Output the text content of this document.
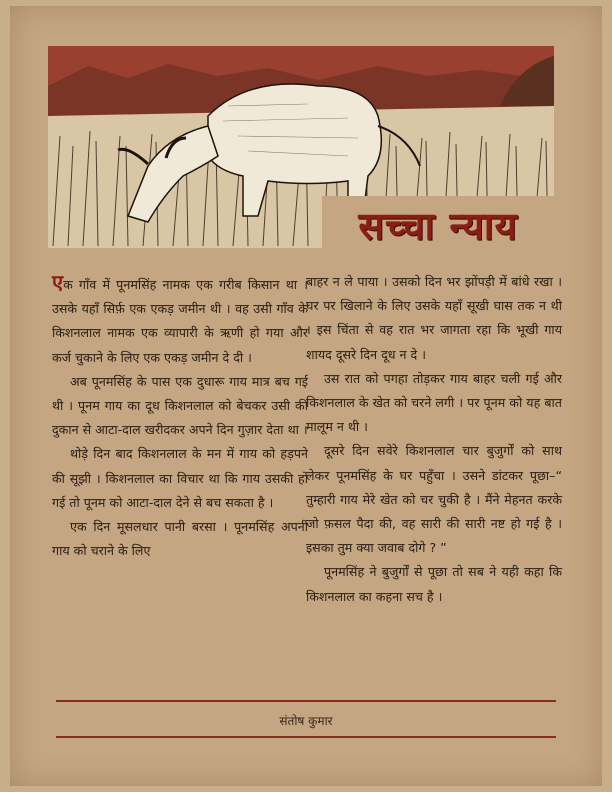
सच्चा न्याय

एक गाँव में पूनमसिंह नामक एक गरीब किसान था । उसके यहाँ सिर्फ़ एक एकड़ जमीन थी । वह उसी गाँव के किशनलाल नामक एक व्यापारी के ऋणी हो गया और कर्ज चुकाने के लिए एक एकड़ जमीन दे दी ।

अब पूनमसिंह के पास एक दुधारू गाय मात्र बच गई थी । पूनम गाय का दूध किशनलाल को बेचकर उसी की दुकान से आटा-दाल खरीदकर अपने दिन गुज़ार देता था ।

थोड़े दिन बाद किशनलाल के मन में गाय को हड़पने की सूझी । किशनलाल का विचार था कि गाय उसकी हो गई तो पूनम को आटा-दाल देने से बच सकता है ।

एक दिन मूसलधार पानी बरसा । पूनमसिंह अपनी गाय को चराने के लिए

बाहर न ले पाया । उसको दिन भर झोंपड़ी में बांधे रखा । घर पर खिलाने के लिए उसके यहाँ सूखी घास तक न थी । इस चिंता से वह रात भर जागता रहा कि भूखी गाय शायद दूसरे दिन दूध न दे ।

उस रात को पगहा तोड़कर गाय बाहर चली गई और किशनलाल के खेत को चरने लगी । पर पूनम को यह बात मालूम न थी ।

दूसरे दिन सवेरे किशनलाल चार बुजुर्गों को साथ लेकर पूनमसिंह के घर पहुँचा । उसने डांटकर पूछा–“ तुम्हारी गाय मेरे खेत को चर चुकी है । मैंने मेहनत करके जो फ़सल पैदा की, वह सारी की सारी नष्ट हो गई है । इसका तुम क्या जवाब दोगे ? ”

पूनमसिंह ने बुजुर्गों से पूछा तो सब ने यही कहा कि किशनलाल का कहना सच है ।

संतोष कुमार
